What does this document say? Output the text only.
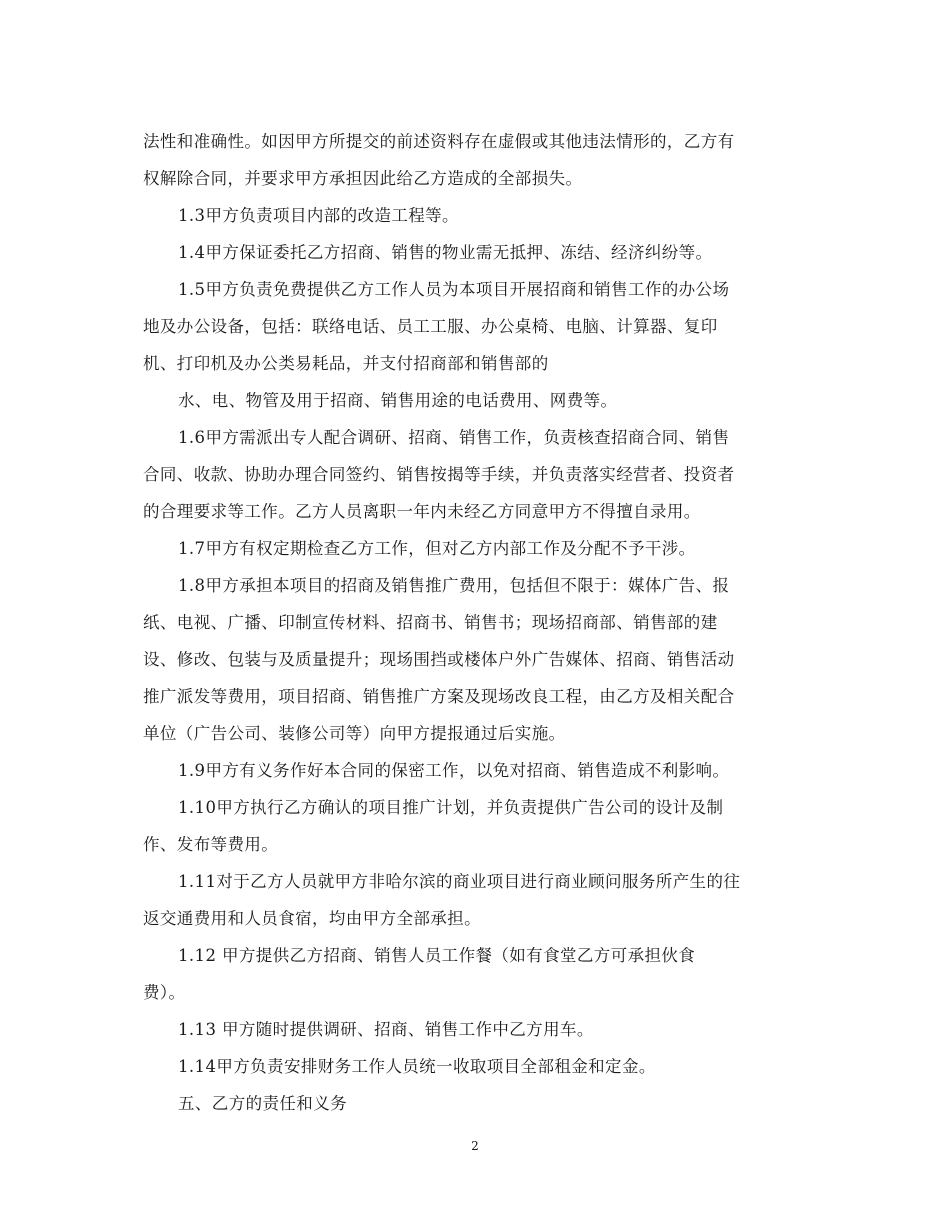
法性和准确性。如因甲方所提交的前述资料存在虚假或其他违法情形的，乙方有

权解除合同，并要求甲方承担因此给乙方造成的全部损失。

1.3甲方负责项目内部的改造工程等。

1.4甲方保证委托乙方招商、销售的物业需无抵押、冻结、经济纠纷等。

1.5甲方负责免费提供乙方工作人员为本项目开展招商和销售工作的办公场

地及办公设备，包括：联络电话、员工工服、办公桌椅、电脑、计算器、复印

机、打印机及办公类易耗品，并支付招商部和销售部的

水、电、物管及用于招商、销售用途的电话费用、网费等。

1.6甲方需派出专人配合调研、招商、销售工作，负责核查招商合同、销售

合同、收款、协助办理合同签约、销售按揭等手续，并负责落实经营者、投资者

的合理要求等工作。乙方人员离职一年内未经乙方同意甲方不得擅自录用。

1.7甲方有权定期检查乙方工作，但对乙方内部工作及分配不予干涉。

1.8甲方承担本项目的招商及销售推广费用，包括但不限于：媒体广告、报

纸、电视、广播、印制宣传材料、招商书、销售书；现场招商部、销售部的建

设、修改、包装与及质量提升；现场围挡或楼体户外广告媒体、招商、销售活动

推广派发等费用，项目招商、销售推广方案及现场改良工程，由乙方及相关配合

单位（广告公司、装修公司等）向甲方提报通过后实施。

1.9甲方有义务作好本合同的保密工作，以免对招商、销售造成不利影响。

1.10甲方执行乙方确认的项目推广计划，并负责提供广告公司的设计及制

作、发布等费用。

1.11对于乙方人员就甲方非哈尔滨的商业项目进行商业顾问服务所产生的往

返交通费用和人员食宿，均由甲方全部承担。

1.12 甲方提供乙方招商、销售人员工作餐（如有食堂乙方可承担伙食

费）。

1.13 甲方随时提供调研、招商、销售工作中乙方用车。

1.14甲方负责安排财务工作人员统一收取项目全部租金和定金。

五、乙方的责任和义务

2
